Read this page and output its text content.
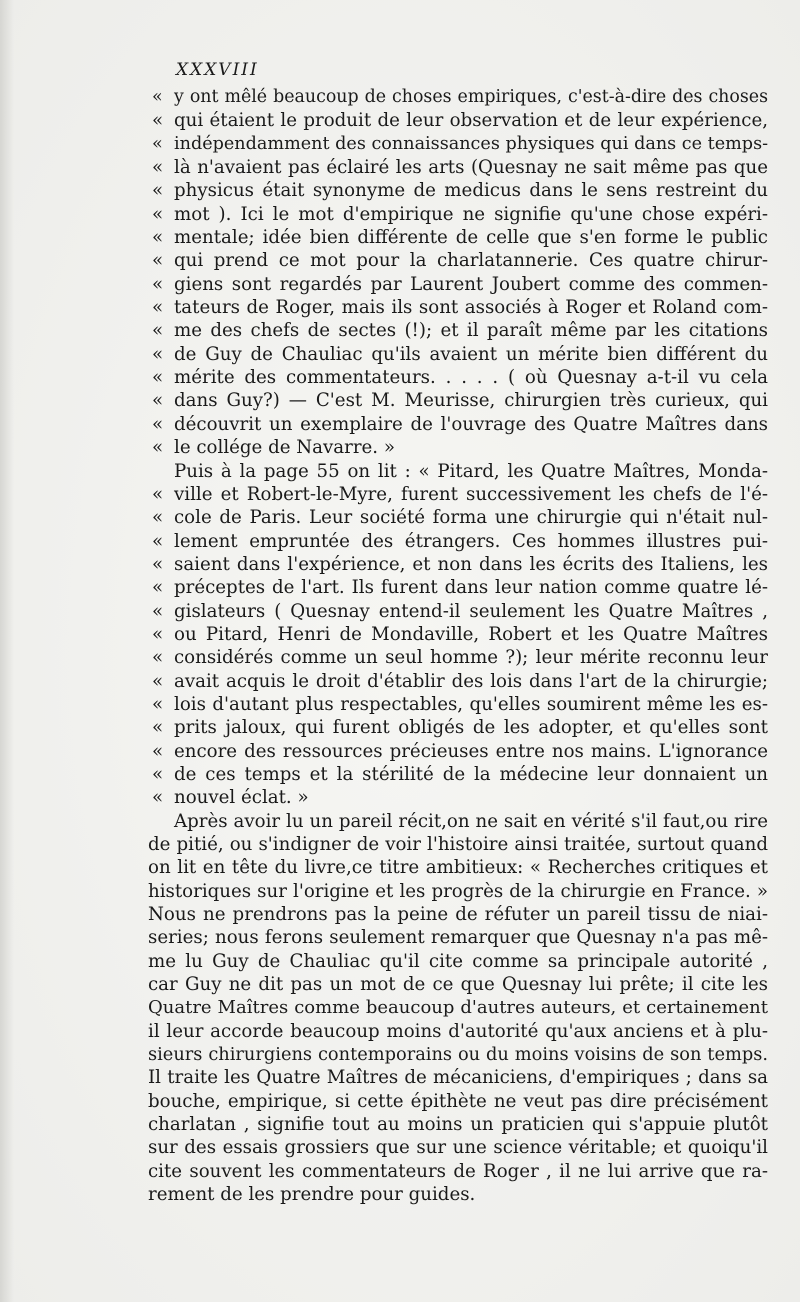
XXXVIII
« y ont mêlé beaucoup de choses empiriques, c'est-à-dire des choses
« qui étaient le produit de leur observation et de leur expérience,
« indépendamment des connaissances physiques qui dans ce temps-
« là n'avaient pas éclairé les arts (Quesnay ne sait même pas que
« physicus était synonyme de medicus dans le sens restreint du
« mot ). Ici le mot d'empirique ne signifie qu'une chose expéri-
« mentale; idée bien différente de celle que s'en forme le public
« qui prend ce mot pour la charlatannerie. Ces quatre chirur-
« giens sont regardés par Laurent Joubert comme des commen-
« tateurs de Roger, mais ils sont associés à Roger et Roland com-
« me des chefs de sectes (!); et il paraît même par les citations
« de Guy de Chauliac qu'ils avaient un mérite bien différent du
« mérite des commentateurs. . . . . ( où Quesnay a-t-il vu cela
« dans Guy?) — C'est M. Meurisse, chirurgien très curieux, qui
« découvrit un exemplaire de l'ouvrage des Quatre Maîtres dans
« le collége de Navarre. »
Puis à la page 55 on lit : « Pitard, les Quatre Maîtres, Monda-
« ville et Robert-le-Myre, furent successivement les chefs de l'é-
« cole de Paris. Leur société forma une chirurgie qui n'était nul-
« lement empruntée des étrangers. Ces hommes illustres pui-
« saient dans l'expérience, et non dans les écrits des Italiens, les
« préceptes de l'art. Ils furent dans leur nation comme quatre lé-
« gislateurs ( Quesnay entend-il seulement les Quatre Maîtres ,
« ou Pitard, Henri de Mondaville, Robert et les Quatre Maîtres
« considérés comme un seul homme ?); leur mérite reconnu leur
« avait acquis le droit d'établir des lois dans l'art de la chirurgie;
« lois d'autant plus respectables, qu'elles soumirent même les es-
« prits jaloux, qui furent obligés de les adopter, et qu'elles sont
« encore des ressources précieuses entre nos mains. L'ignorance
« de ces temps et la stérilité de la médecine leur donnaient un
« nouvel éclat. »
Après avoir lu un pareil récit,on ne sait en vérité s'il faut,ou rire
de pitié, ou s'indigner de voir l'histoire ainsi traitée, surtout quand
on lit en tête du livre,ce titre ambitieux: « Recherches critiques et
historiques sur l'origine et les progrès de la chirurgie en France. »
Nous ne prendrons pas la peine de réfuter un pareil tissu de niai-
series; nous ferons seulement remarquer que Quesnay n'a pas mê-
me lu Guy de Chauliac qu'il cite comme sa principale autorité ,
car Guy ne dit pas un mot de ce que Quesnay lui prête; il cite les
Quatre Maîtres comme beaucoup d'autres auteurs, et certainement
il leur accorde beaucoup moins d'autorité qu'aux anciens et à plu-
sieurs chirurgiens contemporains ou du moins voisins de son temps.
Il traite les Quatre Maîtres de mécaniciens, d'empiriques ; dans sa
bouche, empirique, si cette épithète ne veut pas dire précisément
charlatan , signifie tout au moins un praticien qui s'appuie plutôt
sur des essais grossiers que sur une science véritable; et quoiqu'il
cite souvent les commentateurs de Roger , il ne lui arrive que ra-
rement de les prendre pour guides.
